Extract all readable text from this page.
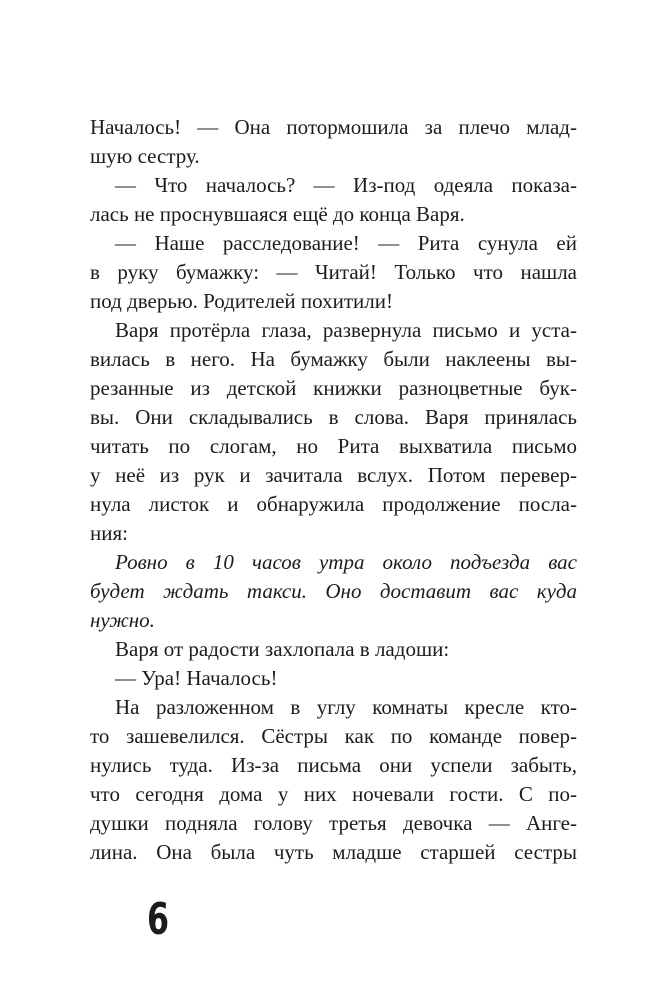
Началось! — Она потормошила за плечо млад-
шую сестру.
— Что началось? — Из-под одеяла показа-
лась не проснувшаяся ещё до конца Варя.
— Наше расследование! — Рита сунула ей
в руку бумажку: — Читай! Только что нашла
под дверью. Родителей похитили!
Варя протёрла глаза, развернула письмо и уста-
вилась в него. На бумажку были наклеены вы-
резанные из детской книжки разноцветные бук-
вы. Они складывались в слова. Варя принялась
читать по слогам, но Рита выхватила письмо
у неё из рук и зачитала вслух. Потом перевер-
нула листок и обнаружила продолжение посла-
ния:
Ровно в 10 часов утра около подъезда вас
будет ждать такси. Оно доставит вас куда
нужно.
Варя от радости захлопала в ладоши:
— Ура! Началось!
На разложенном в углу комнаты кресле кто-
то зашевелился. Сёстры как по команде повер-
нулись туда. Из-за письма они успели забыть,
что сегодня дома у них ночевали гости. С по-
душки подняла голову третья девочка — Анге-
лина. Она была чуть младше старшей сестры
6
